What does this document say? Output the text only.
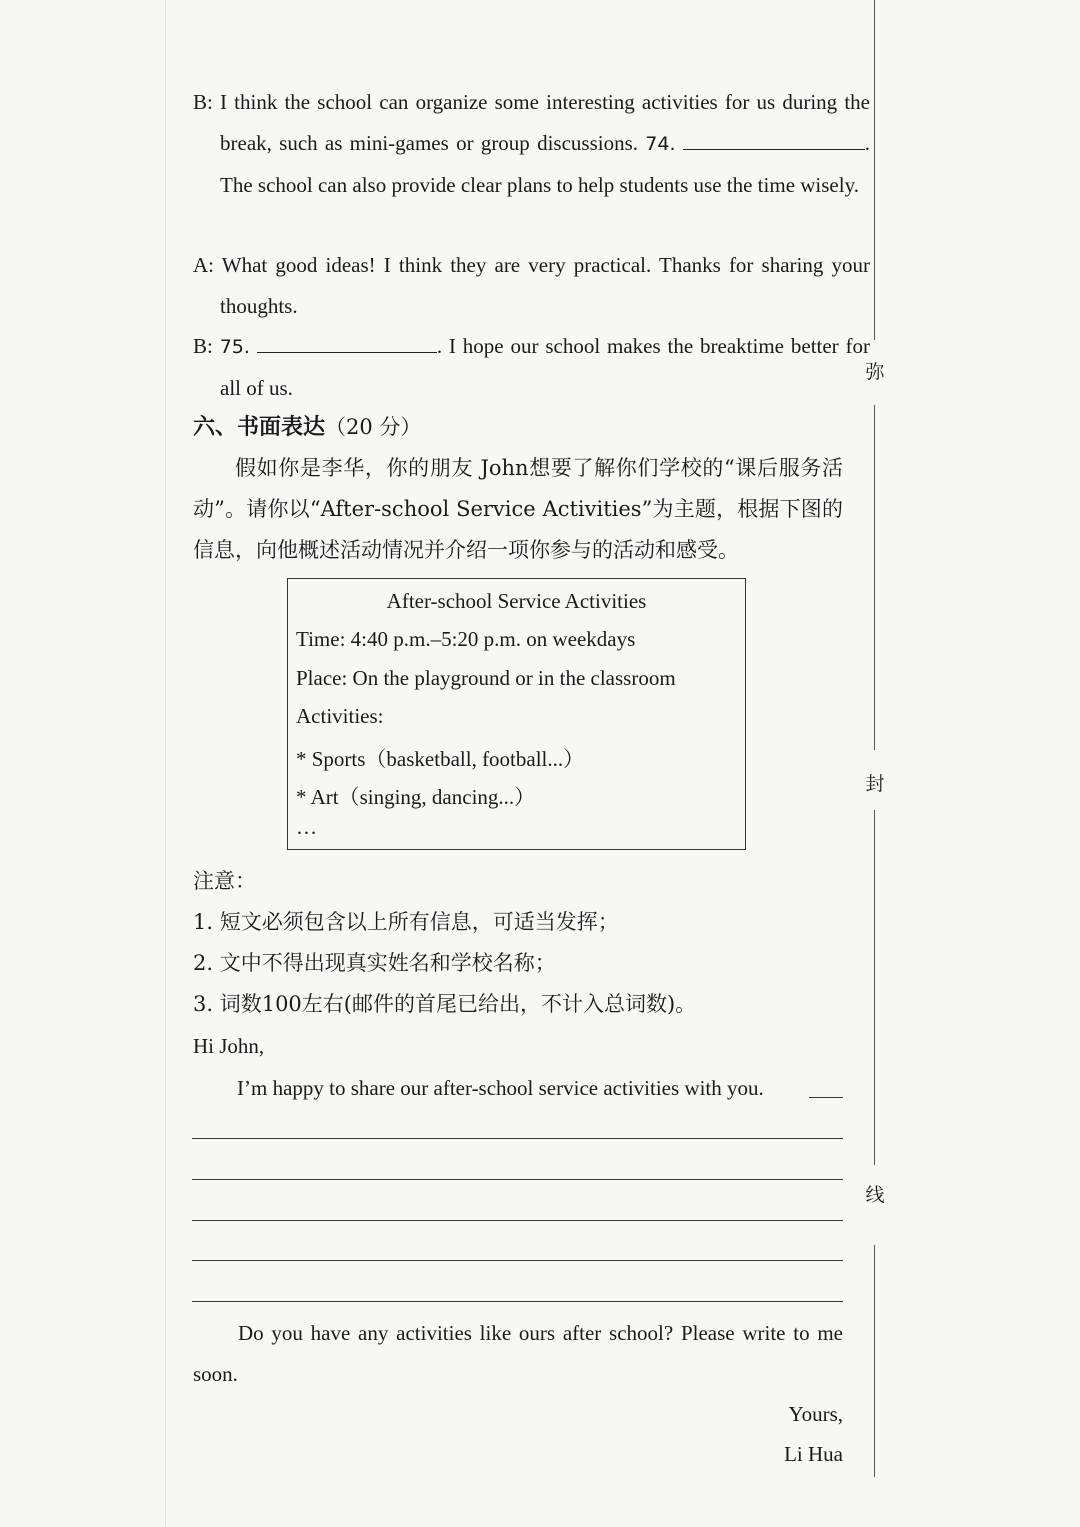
B: I think the school can organize some interesting activities for us during the break, such as mini-games or group discussions. 74.	. The school can also provide clear plans to help students use the time wisely.
A: What good ideas! I think they are very practical. Thanks for sharing your thoughts.
B: 75.	. I hope our school makes the breaktime better for all of us.
六、书面表达（20 分）
假如你是李华，你的朋友 John想要了解你们学校的“课后服务活动”。请你以“After-school Service Activities”为主题，根据下图的信息，向他概述活动情况并介绍一项你参与的活动和感受。
After-school Service Activities
Time: 4:40 p.m.–5:20 p.m. on weekdays
Place: On the playground or in the classroom
Activities:
* Sports（basketball, football...）
* Art（singing, dancing...）
…
注意：
1. 短文必须包含以上所有信息，可适当发挥；
2. 文中不得出现真实姓名和学校名称；
3. 词数100左右(邮件的首尾已给出，不计入总词数)。
Hi John,
I’m happy to share our after-school service activities with you.
Do you have any activities like ours after school? Please write to me soon.
Yours,
Li Hua
弥
封
线
